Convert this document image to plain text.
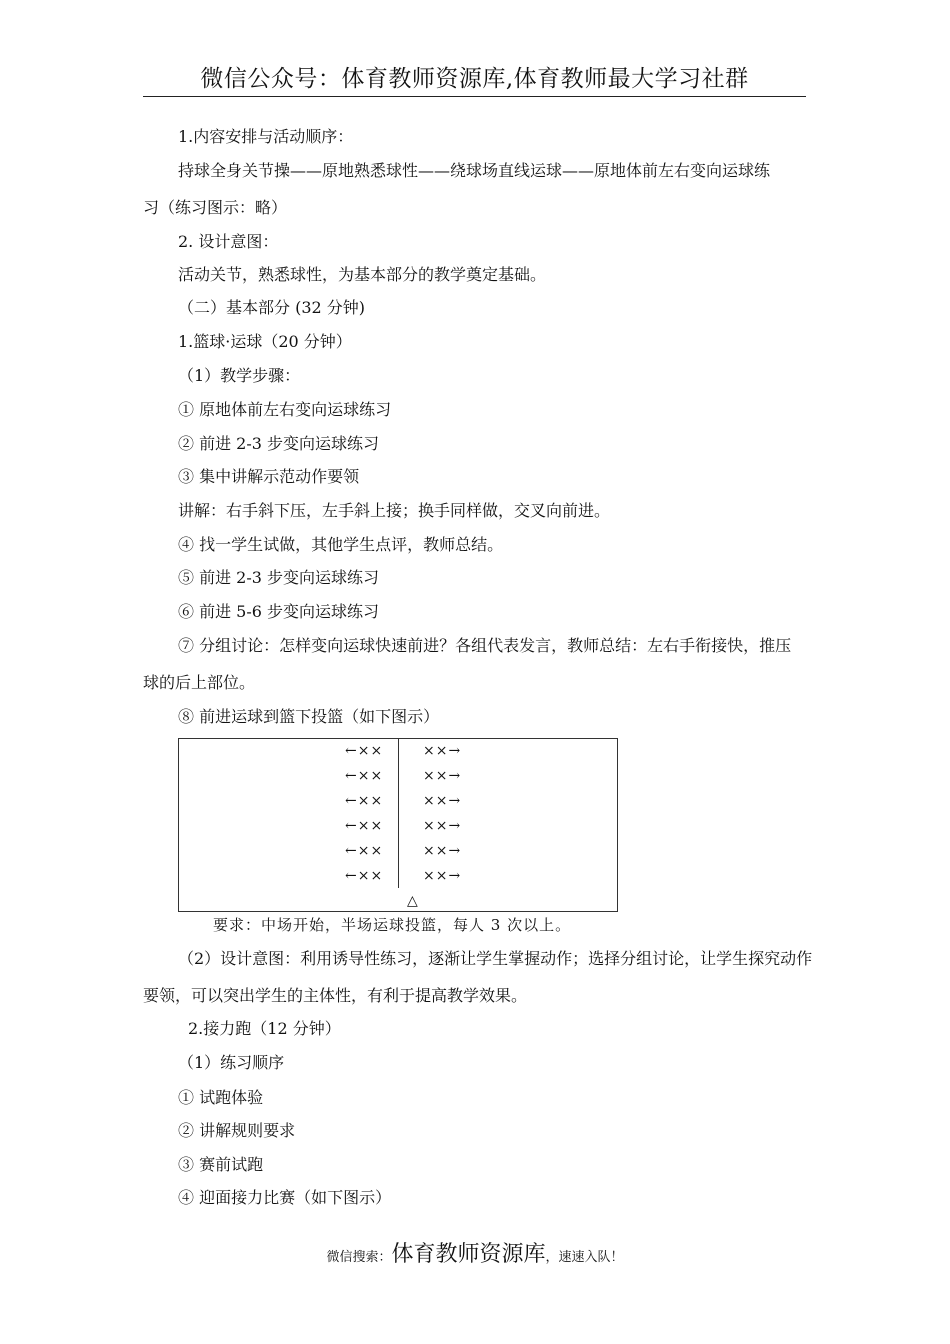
微信公众号：体育教师资源库,体育教师最大学习社群
1.内容安排与活动顺序：
持球全身关节操——原地熟悉球性——绕球场直线运球——原地体前左右变向运球练
习（练习图示：略）
2. 设计意图：
活动关节，熟悉球性，为基本部分的教学奠定基础。
（二）基本部分 (32 分钟)
1.篮球·运球（20 分钟）
（1）教学步骤：
① 原地体前左右变向运球练习
② 前进 2-3 步变向运球练习
③ 集中讲解示范动作要领
讲解：右手斜下压，左手斜上接；换手同样做，交叉向前进。
④ 找一学生试做，其他学生点评，教师总结。
⑤ 前进 2-3 步变向运球练习
⑥ 前进 5-6 步变向运球练习
⑦ 分组讨论：怎样变向运球快速前进？各组代表发言，教师总结：左右手衔接快，推压
球的后上部位。
⑧ 前进运球到篮下投篮（如下图示）
←××
←××
←××
←××
←××
←××
××→
××→
××→
××→
××→
××→
△
要求：中场开始，半场运球投篮，每人 3 次以上。
（2）设计意图：利用诱导性练习，逐渐让学生掌握动作；选择分组讨论，让学生探究动作
要领，可以突出学生的主体性，有利于提高教学效果。
2.接力跑（12 分钟）
（1）练习顺序
① 试跑体验
② 讲解规则要求
③ 赛前试跑
④ 迎面接力比赛（如下图示）
微信搜索：体育教师资源库，速速入队！
